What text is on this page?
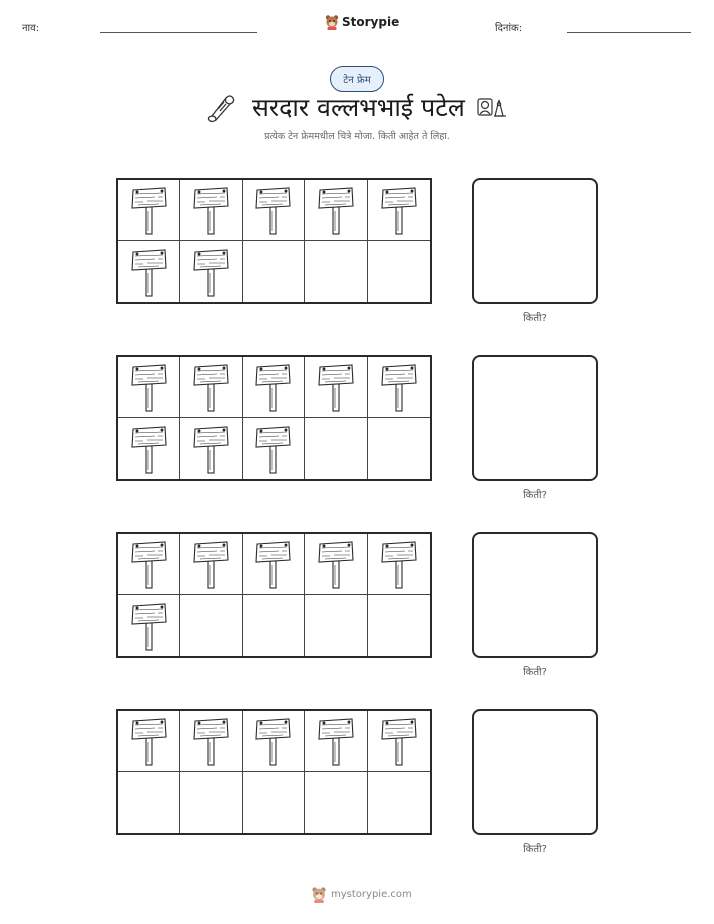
नाव:	Storypie	दिनांक:
टेन फ्रेम
सरदार वल्लभभाई पटेल
प्रत्येक टेन फ्रेममधील चित्रे मोजा. किती आहेत ते लिहा.
किती?
किती?
किती?
किती?
mystorypie.com
